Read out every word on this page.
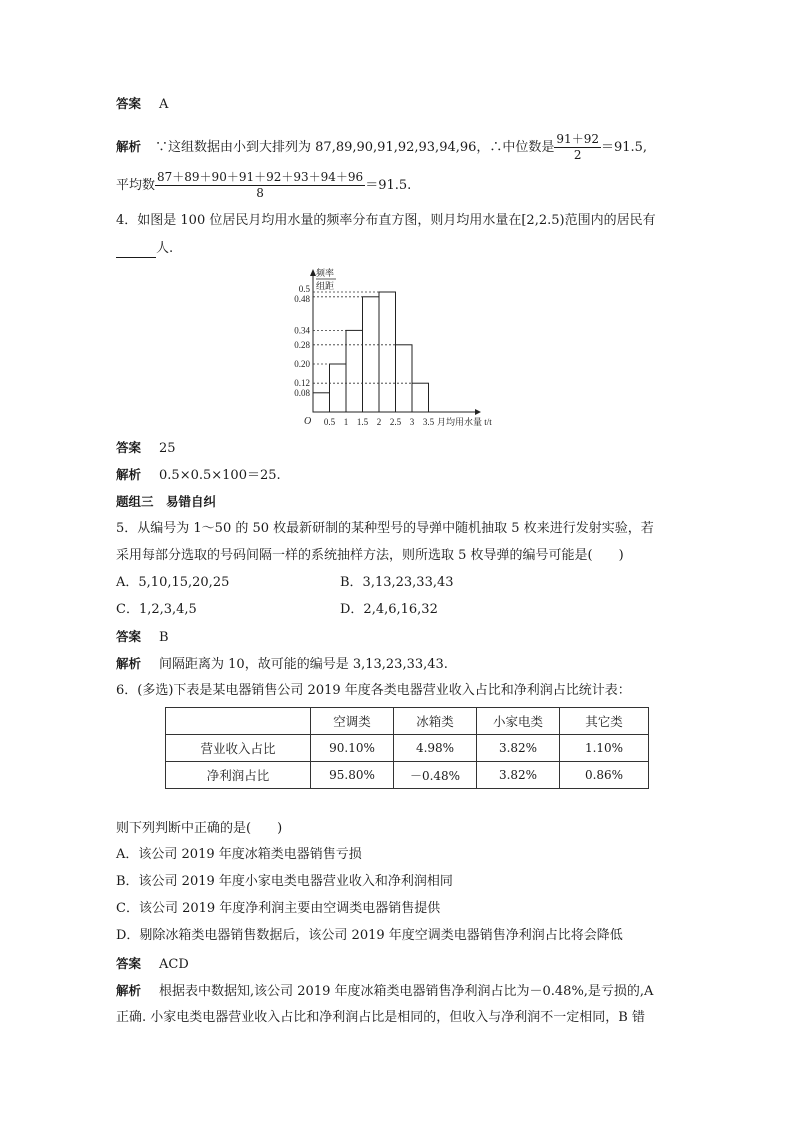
答案 A
解析 ∵这组数据由小到大排列为 87,89,90,91,92,93,94,96，∴中位数是 $\frac{91+92}{2} =91.5$,
平均数 $\frac{87+89+90+91+92+93+94+96}{8} =91.5$.
4．如图是 100 位居民月均用水量的频率分布直方图，则月均用水量在[2,2.5)范围内的居民有
人.
0.5
0.48
0.34
0.28
0.20
0.12
0.08
0.5 1 1.5 2 2.5 3 3.5
O
频率
组距
月均用水量 t/t
答案 25
解析 0.5×0.5×100＝25.
题组三　易错自纠
5．从编号为 1～50 的 50 枚最新研制的某种型号的导弹中随机抽取 5 枚来进行发射实验，若
采用每部分选取的号码间隔一样的系统抽样方法，则所选取 5 枚导弹的编号可能是(　　)
A．5,10,15,20,25	B．3,13,23,33,43
C．1,2,3,4,5	D．2,4,6,16,32
答案 B
解析 间隔距离为 10，故可能的编号是 3,13,23,33,43.
6．(多选)下表是某电器销售公司 2019 年度各类电器营业收入占比和净利润占比统计表：
	空调类	冰箱类	小家电类	其它类
营业收入占比	90.10%	4.98%	3.82%	1.10%
净利润占比	95.80%	－0.48%	3.82%	0.86%
则下列判断中正确的是(　　)
A．该公司 2019 年度冰箱类电器销售亏损
B．该公司 2019 年度小家电类电器营业收入和净利润相同
C．该公司 2019 年度净利润主要由空调类电器销售提供
D．剔除冰箱类电器销售数据后，该公司 2019 年度空调类电器销售净利润占比将会降低
答案 ACD
解析 根据表中数据知,该公司 2019 年度冰箱类电器销售净利润占比为－0.48%,是亏损的,A
正确. 小家电类电器营业收入占比和净利润占比是相同的，但收入与净利润不一定相同，B 错
